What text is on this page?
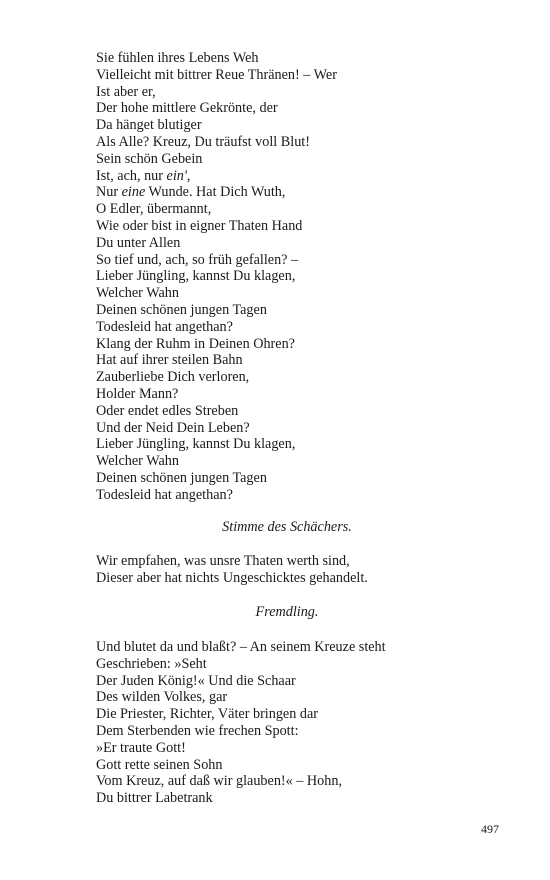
Sie fühlen ihres Lebens Weh
Vielleicht mit bittrer Reue Thränen! – Wer
Ist aber er,
Der hohe mittlere Gekrönte, der
Da hänget blutiger
Als Alle? Kreuz, Du träufst voll Blut!
Sein schön Gebein
Ist, ach, nur ein',
Nur eine Wunde. Hat Dich Wuth,
O Edler, übermannt,
Wie oder bist in eigner Thaten Hand
Du unter Allen
So tief und, ach, so früh gefallen? –
Lieber Jüngling, kannst Du klagen,
Welcher Wahn
Deinen schönen jungen Tagen
Todesleid hat angethan?
Klang der Ruhm in Deinen Ohren?
Hat auf ihrer steilen Bahn
Zauberliebe Dich verloren,
Holder Mann?
Oder endet edles Streben
Und der Neid Dein Leben?
Lieber Jüngling, kannst Du klagen,
Welcher Wahn
Deinen schönen jungen Tagen
Todesleid hat angethan?
Stimme des Schächers.
Wir empfahen, was unsre Thaten werth sind,
Dieser aber hat nichts Ungeschicktes gehandelt.
Fremdling.
Und blutet da und blaßt? – An seinem Kreuze steht
Geschrieben: »Seht
Der Juden König!« Und die Schaar
Des wilden Volkes, gar
Die Priester, Richter, Väter bringen dar
Dem Sterbenden wie frechen Spott:
»Er traute Gott!
Gott rette seinen Sohn
Vom Kreuz, auf daß wir glauben!« – Hohn,
Du bittrer Labetrank
497
